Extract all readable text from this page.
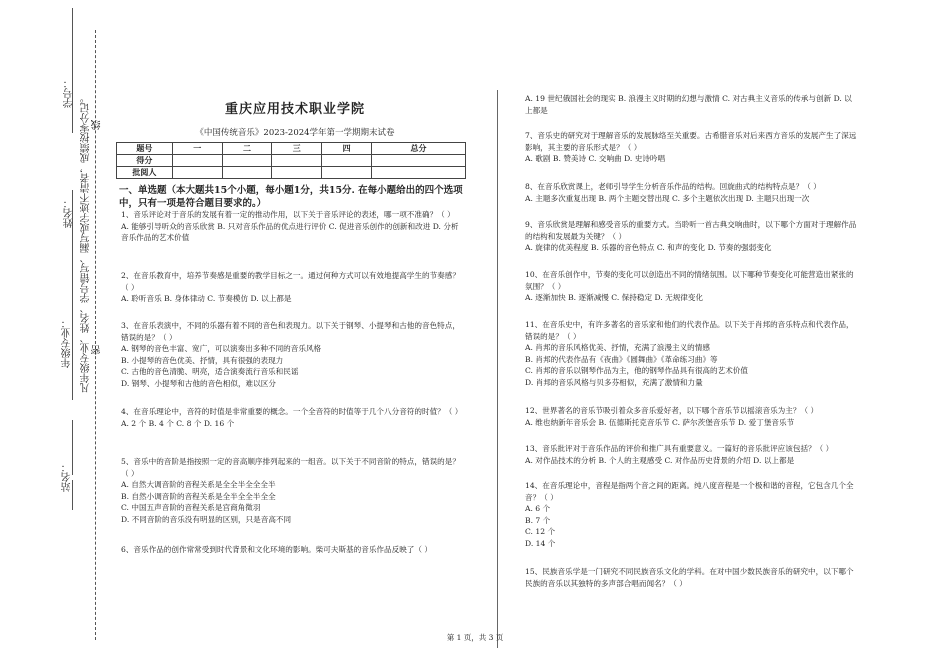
学号：
姓名：
年级专业：
站名：
凡年级专业、姓名、学号错写、漏写或字迹不清者，成绩按零分记。 密
线
重庆应用技术职业学院
《中国传统音乐》2023-2024学年第一学期期末试卷
题号	一	二	三	四	总分
得分					
批阅人					
一、单选题（本大题共15个小题，每小题1分，共15分. 在每小题给出的四个选项中，只有一项是符合题目要求的。）

1、音乐评论对于音乐的发展有着一定的推动作用，以下关于音乐评论的表述，哪一项不准确？（ ）

A. 能够引导听众的音乐欣赏 B. 只对音乐作品的优点进行评价 C. 促进音乐创作的创新和改进 D. 分析音乐作品的艺术价值

2、在音乐教育中，培养节奏感是重要的教学目标之一。通过何种方式可以有效地提高学生的节奏感？（ ）

A. 聆听音乐 B. 身体律动 C. 节奏模仿 D. 以上都是

3、在音乐表演中，不同的乐器有着不同的音色和表现力。以下关于钢琴、小提琴和古他的音色特点，错误的是？（ ）

A. 钢琴的音色丰富、宽广，可以演奏出多种不同的音乐风格

B. 小提琴的音色优美、抒情，具有很强的表现力

C. 古他的音色清脆、明亮，适合演奏流行音乐和民谣

D. 钢琴、小提琴和古他的音色相似，难以区分

4、在音乐理论中，音符的时值是非常重要的概念。一个全音符的时值等于几个八分音符的时值？（ ）

A. 2 个 B. 4 个 C. 8 个 D. 16 个

5、音乐中的音阶是指按照一定的音高顺序排列起来的一组音。以下关于不同音阶的特点，错误的是？（ ）

A. 自然大调音阶的音程关系是全全半全全全半

B. 自然小调音阶的音程关系是全半全全半全全

C. 中国五声音阶的音程关系是宫商角徵羽

D. 不同音阶的音乐没有明显的区别，只是音高不同

6、音乐作品的创作常常受到时代背景和文化环境的影响。柴可夫斯基的音乐作品反映了（ ）

A. 19 世纪俄国社会的现实 B. 浪漫主义时期的幻想与激情 C. 对古典主义音乐的传承与创新 D. 以上都是

7、音乐史的研究对于理解音乐的发展脉络至关重要。古希腊音乐对后来西方音乐的发展产生了深远影响，其主要的音乐形式是？（ ）

A. 歌剧 B. 赞美诗 C. 交响曲 D. 史诗吟唱

8、在音乐欣赏课上，老师引导学生分析音乐作品的结构。回旋曲式的结构特点是？（ ）

A. 主题多次重复出现 B. 两个主题交替出现 C. 多个主题依次出现 D. 主题只出现一次

9、音乐欣赏是理解和感受音乐的重要方式。当聆听一首古典交响曲时，以下哪个方面对于理解作品的结构和发展最为关键？（ ）

A. 旋律的优美程度 B. 乐器的音色特点 C. 和声的变化 D. 节奏的强弱变化

10、在音乐创作中，节奏的变化可以创造出不同的情绪氛围。以下哪种节奏变化可能营造出紧张的氛围？（ ）

A. 逐渐加快 B. 逐渐减慢 C. 保持稳定 D. 无规律变化

11、在音乐史中，有许多著名的音乐家和他们的代表作品。以下关于肖邦的音乐特点和代表作品，错误的是？（ ）

A. 肖邦的音乐风格优美、抒情，充满了浪漫主义的情感

B. 肖邦的代表作品有《夜曲》《圆舞曲》《革命练习曲》等

C. 肖邦的音乐以钢琴作品为主，他的钢琴作品具有很高的艺术价值

D. 肖邦的音乐风格与贝多芬相似，充满了激情和力量

12、世界著名的音乐节吸引着众多音乐爱好者，以下哪个音乐节以摇滚音乐为主？（ ）

A. 维也纳新年音乐会 B. 伍德斯托克音乐节 C. 萨尔茨堡音乐节 D. 爱丁堡音乐节

13、音乐批评对于音乐作品的评价和推广具有重要意义。一篇好的音乐批评应该包括？（ ）

A. 对作品技术的分析 B. 个人的主观感受 C. 对作品历史背景的介绍 D. 以上都是

14、在音乐理论中，音程是指两个音之间的距离。纯八度音程是一个极和谐的音程，它包含几个全音？（ ）

A. 6 个

B. 7 个

C. 12 个

D. 14 个

15、民族音乐学是一门研究不同民族音乐文化的学科。在对中国少数民族音乐的研究中，以下哪个民族的音乐以其独特的多声部合唱而闻名？（ ）

第 1 页，共 3 页
